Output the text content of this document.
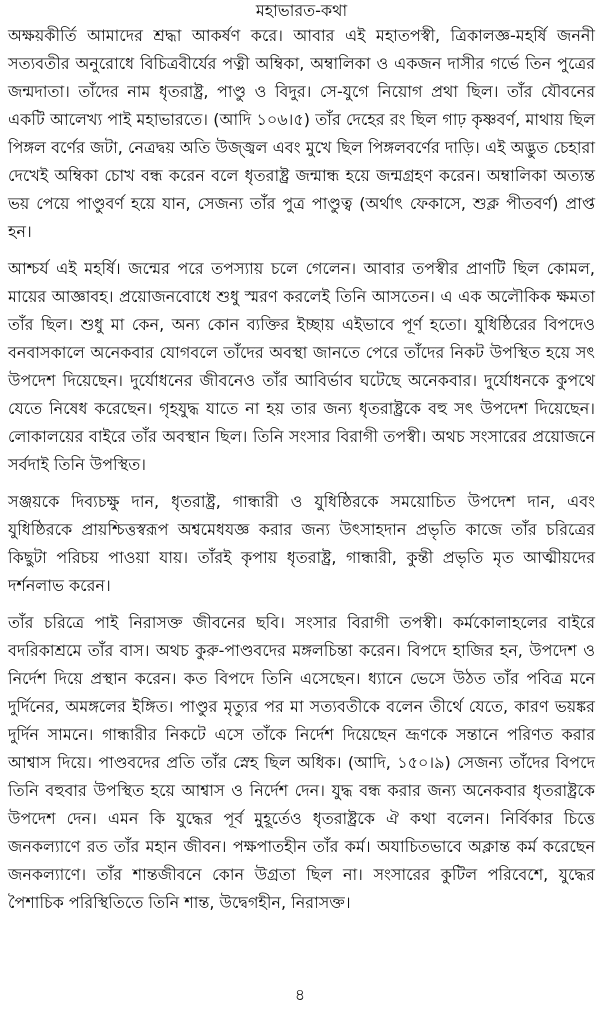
মহাভারত-কথা

অক্ষয়কীর্তি আমাদের শ্রদ্ধা আকর্ষণ করে। আবার এই মহাতপস্বী, ত্রিকালজ্ঞ-মহর্ষি জননী সত্যবতীর অনুরোধে বিচিত্রবীর্যের পত্নী অম্বিকা, অম্বালিকা ও একজন দাসীর গর্ভে তিন পুত্রের জন্মদাতা। তাঁদের নাম ধৃতরাষ্ট্র, পাণ্ডু ও বিদুর। সে-যুগে নিয়োগ প্রথা ছিল। তাঁর যৌবনের একটি আলেখ্য পাই মহাভারতে। (আদি ১০৬।৫) তাঁর দেহের রং ছিল গাঢ় কৃষ্ণবর্ণ, মাথায় ছিল পিঙ্গল বর্ণের জটা, নেত্রদ্বয় অতি উজ্জ্বল এবং মুখে ছিল পিঙ্গলবর্ণের দাড়ি। এই অদ্ভুত চেহারা দেখেই অম্বিকা চোখ বন্ধ করেন বলে ধৃতরাষ্ট্র জন্মান্ধ হয়ে জন্মগ্রহণ করেন। অম্বালিকা অত্যন্ত ভয় পেয়ে পাণ্ডুবর্ণ হয়ে যান, সেজন্য তাঁর পুত্র পাণ্ডুত্ব (অর্থাৎ ফেকাসে, শুক্ল পীতবর্ণ) প্রাপ্ত হন।

আশ্চর্য এই মহর্ষি। জন্মের পরে তপস্যায় চলে গেলেন। আবার তপস্বীর প্রাণটি ছিল কোমল, মায়ের আজ্ঞাবহ। প্রয়োজনবোধে শুধু স্মরণ করলেই তিনি আসতেন। এ এক অলৌকিক ক্ষমতা তাঁর ছিল। শুধু মা কেন, অন্য কোন ব্যক্তির ইচ্ছায় এইভাবে পূর্ণ হতো। যুধিষ্ঠিরের বিপদেও বনবাসকালে অনেকবার যোগবলে তাঁদের অবস্থা জানতে পেরে তাঁদের নিকট উপস্থিত হয়ে সৎ উপদেশ দিয়েছেন। দুর্যোধনের জীবনেও তাঁর আবির্ভাব ঘটেছে অনেকবার। দুর্যোধনকে কুপথে যেতে নিষেধ করেছেন। গৃহযুদ্ধ যাতে না হয় তার জন্য ধৃতরাষ্ট্রকে বহু সৎ উপদেশ দিয়েছেন। লোকালয়ের বাইরে তাঁর অবস্থান ছিল। তিনি সংসার বিরাগী তপস্বী। অথচ সংসারের প্রয়োজনে সর্বদাই তিনি উপস্থিত।

সঞ্জয়কে দিব্যচক্ষু দান, ধৃতরাষ্ট্র, গান্ধারী ও যুধিষ্ঠিরকে সময়োচিত উপদেশ দান, এবং যুধিষ্ঠিরকে প্রায়শ্চিত্তস্বরূপ অশ্বমেধযজ্ঞ করার জন্য উৎসাহদান প্রভৃতি কাজে তাঁর চরিত্রের কিছুটা পরিচয় পাওয়া যায়। তাঁরই কৃপায় ধৃতরাষ্ট্র, গান্ধারী, কুন্তী প্রভৃতি মৃত আত্মীয়দের দর্শনলাভ করেন।

তাঁর চরিত্রে পাই নিরাসক্ত জীবনের ছবি। সংসার বিরাগী তপস্বী। কর্মকোলাহলের বাইরে বদরিকাশ্রমে তাঁর বাস। অথচ কুরু-পাণ্ডবদের মঙ্গলচিন্তা করেন। বিপদে হাজির হন, উপদেশ ও নির্দেশ দিয়ে প্রস্থান করেন। কত বিপদে তিনি এসেছেন। ধ্যানে ভেসে উঠত তাঁর পবিত্র মনে দুর্দিনের, অমঙ্গলের ইঙ্গিত। পাণ্ডুর মৃত্যুর পর মা সত্যবতীকে বলেন তীর্থে যেতে, কারণ ভয়ঙ্কর দুর্দিন সামনে। গান্ধারীর নিকটে এসে তাঁকে নির্দেশ দিয়েছেন ভ্রূণকে সন্তানে পরিণত করার আশ্বাস দিয়ে। পাণ্ডবদের প্রতি তাঁর স্নেহ ছিল অধিক। (আদি, ১৫০।৯) সেজন্য তাঁদের বিপদে তিনি বহুবার উপস্থিত হয়ে আশ্বাস ও নির্দেশ দেন। যুদ্ধ বন্ধ করার জন্য অনেকবার ধৃতরাষ্ট্রকে উপদেশ দেন। এমন কি যুদ্ধের পূর্ব মুহূর্তেও ধৃতরাষ্ট্রকে ঐ কথা বলেন। নির্বিকার চিত্তে জনকল্যাণে রত তাঁর মহান জীবন। পক্ষপাতহীন তাঁর কর্ম। অযাচিতভাবে অক্লান্ত কর্ম করেছেন জনকল্যাণে। তাঁর শান্তজীবনে কোন উগ্রতা ছিল না। সংসারের কুটিল পরিবেশে, যুদ্ধের পৈশাচিক পরিস্থিতিতে তিনি শান্ত, উদ্বেগহীন, নিরাসক্ত।

৪
